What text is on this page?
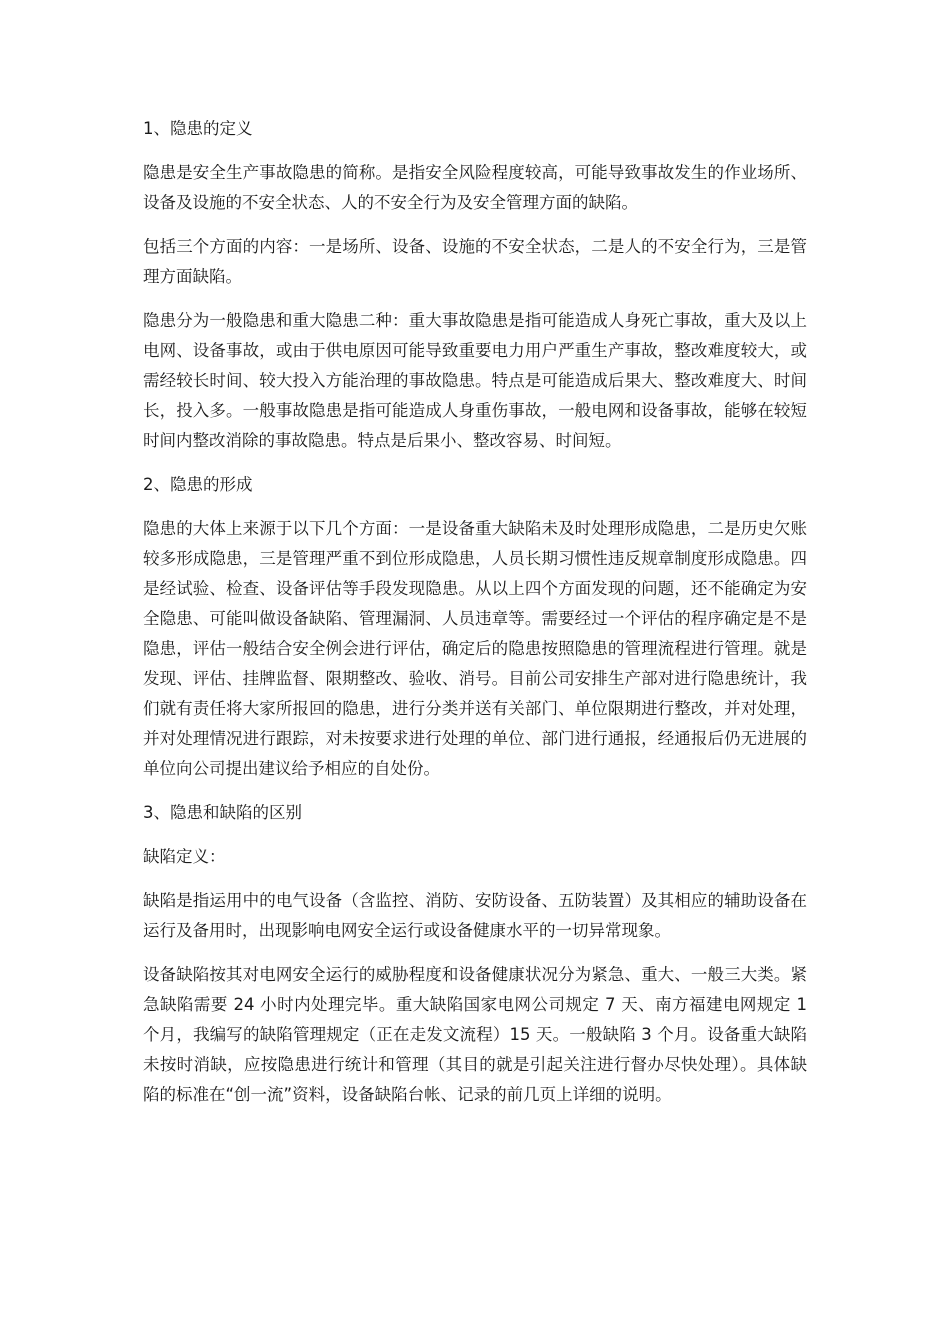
1、隐患的定义
隐患是安全生产事故隐患的简称。是指安全风险程度较高，可能导致事故发生的作业场所、设备及设施的不安全状态、人的不安全行为及安全管理方面的缺陷。
包括三个方面的内容：一是场所、设备、设施的不安全状态，二是人的不安全行为，三是管理方面缺陷。
隐患分为一般隐患和重大隐患二种：重大事故隐患是指可能造成人身死亡事故，重大及以上电网、设备事故，或由于供电原因可能导致重要电力用户严重生产事故，整改难度较大，或需经较长时间、较大投入方能治理的事故隐患。特点是可能造成后果大、整改难度大、时间长，投入多。一般事故隐患是指可能造成人身重伤事故，一般电网和设备事故，能够在较短时间内整改消除的事故隐患。特点是后果小、整改容易、时间短。
2、隐患的形成
隐患的大体上来源于以下几个方面：一是设备重大缺陷未及时处理形成隐患，二是历史欠账较多形成隐患，三是管理严重不到位形成隐患，人员长期习惯性违反规章制度形成隐患。四是经试验、检查、设备评估等手段发现隐患。从以上四个方面发现的问题，还不能确定为安全隐患、可能叫做设备缺陷、管理漏洞、人员违章等。需要经过一个评估的程序确定是不是隐患，评估一般结合安全例会进行评估，确定后的隐患按照隐患的管理流程进行管理。就是发现、评估、挂牌监督、限期整改、验收、消号。目前公司安排生产部对进行隐患统计，我们就有责任将大家所报回的隐患，进行分类并送有关部门、单位限期进行整改，并对处理，并对处理情况进行跟踪，对未按要求进行处理的单位、部门进行通报，经通报后仍无进展的单位向公司提出建议给予相应的自处份。
3、隐患和缺陷的区别
缺陷定义：
缺陷是指运用中的电气设备（含监控、消防、安防设备、五防装置）及其相应的辅助设备在运行及备用时，出现影响电网安全运行或设备健康水平的一切异常现象。
设备缺陷按其对电网安全运行的威胁程度和设备健康状况分为紧急、重大、一般三大类。紧急缺陷需要 24 小时内处理完毕。重大缺陷国家电网公司规定 7 天、南方福建电网规定 1 个月，我编写的缺陷管理规定（正在走发文流程）15 天。一般缺陷 3 个月。设备重大缺陷未按时消缺，应按隐患进行统计和管理（其目的就是引起关注进行督办尽快处理）。具体缺陷的标准在“创一流”资料，设备缺陷台帐、记录的前几页上详细的说明。
